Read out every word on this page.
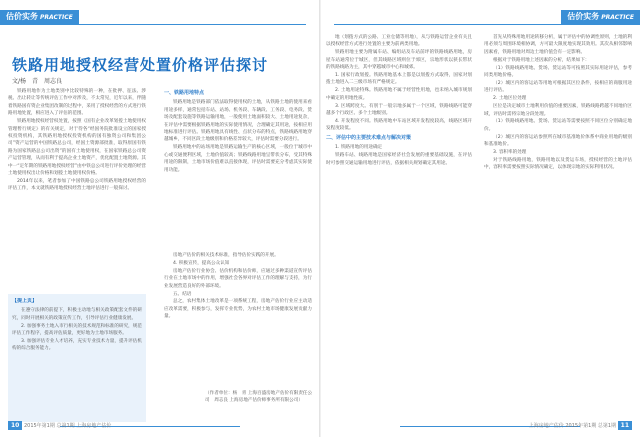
估价实务 PRACTICE
铁路用地授权经营处置价格评估探讨
文/杨　青　周志良

铁路用地作为土地类别中比较特殊的一种，在批押、征法、涉税、出让转让等传统评估工作中对涉及，不太常见，近年以来，伴随着铁路国有资企业集团改制的过程中，采用了授权经营的方式进行铁路用地处置，相应进入了评估的范围。

铁路用地授权经营权处置，按照《国有企业改革划拨土地使用权管理暂行规定》的有关规定，对于待各“经国务院批准设立的国家授权投资机构，其铁路用地授权投资机构的国有独资公司和集团公司”资产运营的中国铁路总公司，经国土资源部批准，取得原国有铁路为国家铁路总公司出资”的国有土地使用权，在国家铁路总公司资产运营管理，从而有利于提高企业土地资产，优化配置土地资源。其中一“定年期的铁路用地授权经营”由中铁总公司进行评价处理的经营土地使用权出让价格和划拨土地使用权价格。

2014年以来，笔者参加了中国铁路总公司铁路用地授权经营的评估工作，本文就铁路用地授权经营土地评估进行一般探讨。

一、铁路用地特点

铁路用地是铁路部门依法取得使用权的土地，从铁路土地的使用来看用途多样，通常包括车站、站场、机务段、车辆段、工务段、电务段、货场及配套设施等铁路运输用地，一般使用土地面积较大、土地用途复杂，在评估中需要根据铁路用地的实际使用情况，合理确定其用途，按相应用地标准进行评估。铁路用地具有线性、点状分布的特点，铁路线路用地穿越城乡，不同区段土地级别和价格差异较大，评估时需要分段进行。

铁路用地中的站场用地是铁路运输生产的核心区域，一般位于城市中心或交通便利区域，土地价值较高；铁路线路用地呈带状分布，受其特殊用途的限制，土地市场价值难以直接体现，评估时需要充分考虑其实际使用功能。

【提上页】

在遵守法律的前提下，积极主动地与相关政策配套文件的研究，同时开展相关的政策宣传工作，引导评估行业健康发展。

2. 加强事务土地入市行相关的技术规范和标准的研究，规范评估工作程序，提高评估质量，更好地为土地市场服务。

3. 加强评估专业人才培养，充实专业技术力量，提升评估机构的综合服务能力。

房地产估价的相关技术标准，指导估价实践的开展。

4. 积极宣传，提高公众认知

房地产估价行业协会、估价机构和估价师，应通过多种渠道宣传评估行业在土地市场中的作用，增强社会各界对评估工作的理解与支持，为行业发展营造良好的外部环境。

五、结语

总之，农村集体土地改革是一项系统工程，房地产估价行业应主动适应改革需要，积极参与，发挥专业优势，为农村土地市场健康发展贡献力量。

（作者单位：杨　青 上海百盛房地产估价有限责任公司　周志良 上海房地产估价师事务所有限公司）
10 2015年第1期 总第1期 上海房地产估价
估价实务 PRACTICE

地（划拨方式的公路、工业仓储等用地），从与铁路运营企业有关且以授权经营方式进行处置的主要为前两类用地。

铁路用地主要为附属车站、编组站及车站前坪的铁路线路用地，房屋车站通常位于城区，但其线路区域则位于郊区，宗地形状以狭长带状的铁路线路为主，其中穿越城市中心和城郊。

1. 国家行政划拨。铁路用地基本上都是以划拨方式取得，国家对划拨土地进入二三级市场有严格规定。

2. 土地用途特殊。铁路用地不属于经营性用地，也未纳入城市规划中确定的用地性质。

3. 区域跨度大。有别于一般宗地多属于一个区域，铁路线路可能穿越多个行政区、多个土地级别。

4. 开发程度不同。铁路用地中车站区域开发程度较高，线路区域开发程度较低。

二、评估中的主要技术难点与解决对策

1. 铁路用地的用途确定

铁路车站、线路用地是国家经济社会发展的重要基础设施，在评估时可参照交通运输用地进行评估，依据相关规划确定其用途。

首先从特殊用地用途转移分析，属于评估中的协调性原则，土地的利用必须与周围环境相协调，方可最大限度地实现其效用。其次从相邻影响因素看，铁路用地对周边土地价值会有一定影响。

根据对于铁路用地上述因素的分析，结果如下：

（1）铁路线路用地、货场、货运站等可按照其实际用途评估，参考同类用地价格。

（2）城区内的客运站等用地可根据其区位条件，按相应的商服用途进行评估。

2. 土地区位处理

区位是决定城市土地利用价值的重要因素，铁路线路跨越不同地价区域，评估时需将宗地分段处理。

（1）铁路线路用地、货场、货运站等需要按照不同区位分别确定地价。

（2）城区内的客运站参照所在城市基准地价体系中商业用地的级别和基准地价。

3. 容积率的处理

对于铁路线路用地，铁路用地以及货运车场，授权经营的土地评估中，容积率需要按照实际情况确定，以体现宗地的实际利用状况。

上海房地产估价 2015年第1期 总第1期 11
